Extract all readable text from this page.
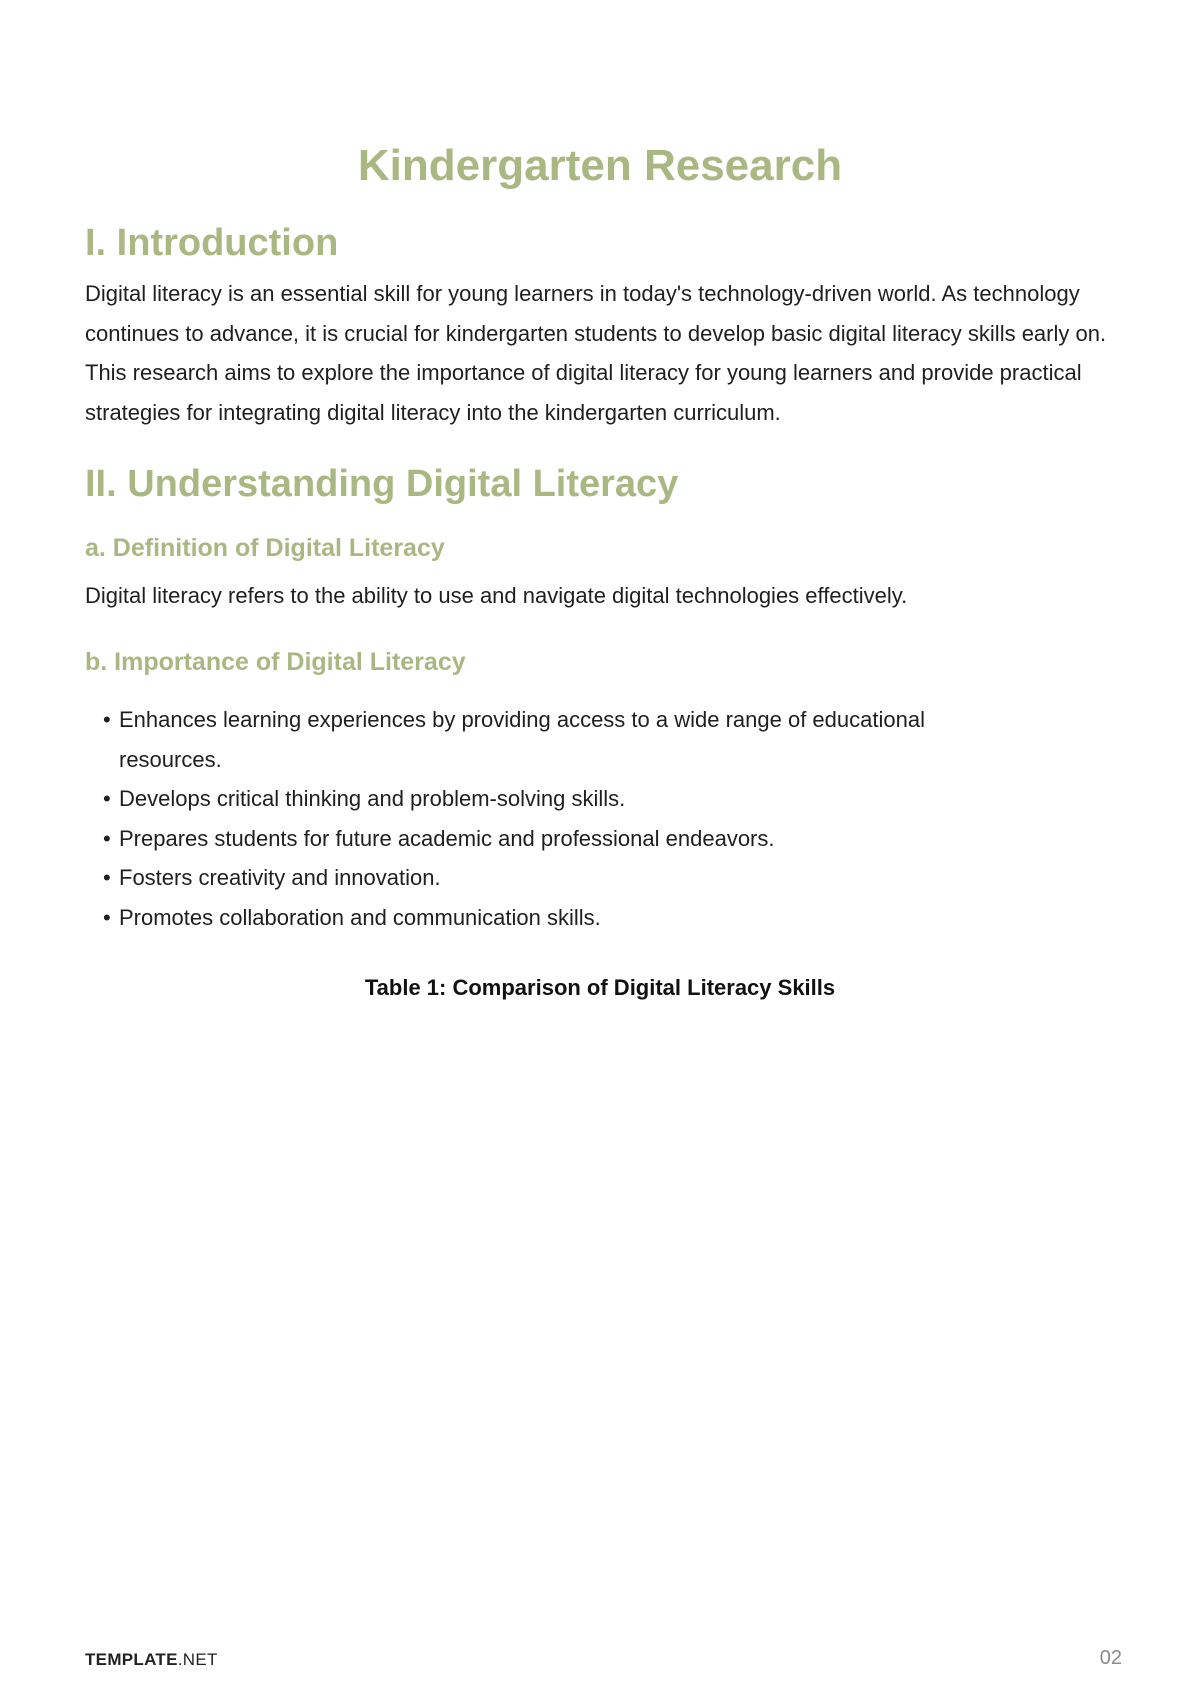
Kindergarten Research
I. Introduction

Digital literacy is an essential skill for young learners in today's technology-driven world. As technology continues to advance, it is crucial for kindergarten students to develop basic digital literacy skills early on. This research aims to explore the importance of digital literacy for young learners and provide practical strategies for integrating digital literacy into the kindergarten curriculum.

II. Understanding Digital Literacy
a. Definition of Digital Literacy

Digital literacy refers to the ability to use and navigate digital technologies effectively.

b. Importance of Digital Literacy
• Enhances learning experiences by providing access to a wide range of educational resources.
• Develops critical thinking and problem-solving skills.
• Prepares students for future academic and professional endeavors.
• Fosters creativity and innovation.
• Promotes collaboration and communication skills.

Table 1: Comparison of Digital Literacy Skills

TEMPLATE.NET	02
